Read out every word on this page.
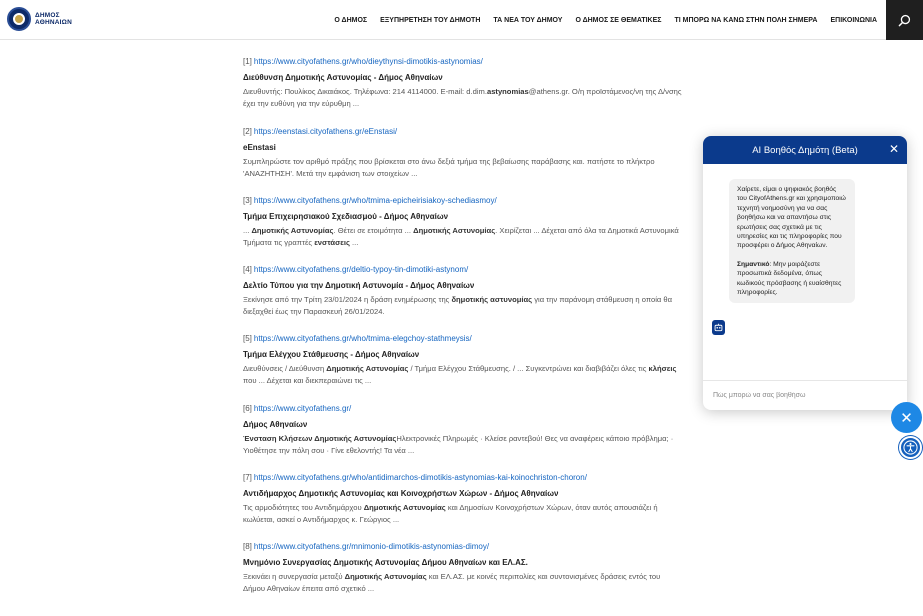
ΔΗΜΟΣ
ΑΘΗΝΑΙΩΝ	Ο ΔΗΜΟΣ ΕΞΥΠΗΡΕΤΗΣΗ ΤΟΥ ΔΗΜΟΤΗ ΤΑ ΝΕΑ ΤΟΥ ΔΗΜΟΥ Ο ΔΗΜΟΣ ΣΕ ΘΕΜΑΤΙΚΕΣ ΤΙ ΜΠΟΡΩ ΝΑ ΚΑΝΩ ΣΤΗΝ ΠΟΛΗ ΣΗΜΕΡΑ ΕΠΙΚΟΙΝΩΝΙΑ
[1] https://www.cityofathens.gr/who/dieythynsi-dimotikis-astynomias/
Διεύθυνση Δημοτικής Αστυνομίας - Δήμος Αθηναίων
Διευθυντής: Πουλίκος Δικαιάκος. Τηλέφωνα: 214 4114000. E-mail: d.dim.astynomias@athens.gr. Ο/η προϊστάμενος/νη της Δ/νσης έχει την ευθύνη για την εύρυθμη ...
[2] https://eenstasi.cityofathens.gr/eEnstasi/
eEnstasi
Συμπληρώστε τον αριθμό πράξης που βρίσκεται στο άνω δεξιά τμήμα της βεβαίωσης παράβασης και. πατήστε το πλήκτρο 'ΑΝΑΖΗΤΗΣΗ'. Μετά την εμφάνιση των στοιχείων ...
[3] https://www.cityofathens.gr/who/tmima-epicheirisiakoy-schediasmoy/
Τμήμα Επιχειρησιακού Σχεδιασμού - Δήμος Αθηναίων
... Δημοτικής Αστυνομίας. Θέτει σε ετοιμότητα ... Δημοτικής Αστυνομίας. Χειρίζεται ... Δέχεται από όλα τα Δημοτικά Αστυνομικά Τμήματα τις γραπτές ενστάσεις ...
[4] https://www.cityofathens.gr/deltio-typoy-tin-dimotiki-astynom/
Δελτίο Τύπου για την Δημοτική Αστυνομία - Δήμος Αθηναίων
Ξεκίνησε από την Τρίτη 23/01/2024 η δράση ενημέρωσης της δημοτικής αστυνομίας για την παράνομη στάθμευση η οποία θα διεξαχθεί έως την Παρασκευή 26/01/2024.
[5] https://www.cityofathens.gr/who/tmima-elegchoy-stathmeysis/
Τμήμα Ελέγχου Στάθμευσης - Δήμος Αθηναίων
Διευθύνσεις / Διεύθυνση Δημοτικής Αστυνομίας / Τμήμα Ελέγχου Στάθμευσης. / ... Συγκεντρώνει και διαβιβάζει όλες τις κλήσεις που ... Δέχεται και διεκπεραιώνει τις ...
[6] https://www.cityofathens.gr/
Δήμος Αθηναίων
Ένσταση Κλήσεων Δημοτικής ΑστυνομίαςΗλεκτρονικές Πληρωμές · Κλείσε ραντεβού! Θες να αναφέρεις κάποιο πρόβλημα; · Υιοθέτησε την πόλη σου · Γίνε εθελοντής! Τα νέα ...
[7] https://www.cityofathens.gr/who/antidimarchos-dimotikis-astynomias-kai-koinochriston-choron/
Αντιδήμαρχος Δημοτικής Αστυνομίας και Κοινοχρήστων Χώρων - Δήμος Αθηναίων
Τις αρμοδιότητες του Αντιδημάρχου Δημοτικής Αστυνομίας και Δημοσίων Κοινοχρήστων Χώρων, όταν αυτός απουσιάζει ή κωλύεται, ασκεί ο Αντιδήμαρχος κ. Γεώργιος ...
[8] https://www.cityofathens.gr/mnimonio-dimotikis-astynomias-dimoy/
Μνημόνιο Συνεργασίας Δημοτικής Αστυνομίας Δήμου Αθηναίων και ΕΛ.ΑΣ.
Ξεκινάει η συνεργασία μεταξύ Δημοτικής Αστυνομίας και ΕΛ.ΑΣ. με κοινές περιπολίες και συντονισμένες δράσεις εντός του Δήμου Αθηναίων έπειτα από σχετικό ...
AI Βοηθός Δημότη (Beta)	✕

Χαίρετε, είμαι ο ψηφιακός βοηθός του CityofAthens.gr και χρησιμοποιώ τεχνητή νοημοσύνη για να σας βοηθήσω και να απαντήσω στις ερωτήσεις σας σχετικά με τις υπηρεσίες και τις πληροφορίες που προσφέρει ο Δήμος Αθηναίων.

Σημαντικό: Μην μοιράζεστε προσωπικά δεδομένα, όπως κωδικούς πρόσβασης ή ευαίσθητες πληροφορίες.

Πώς μπορώ να σας βοηθήσω
✕
